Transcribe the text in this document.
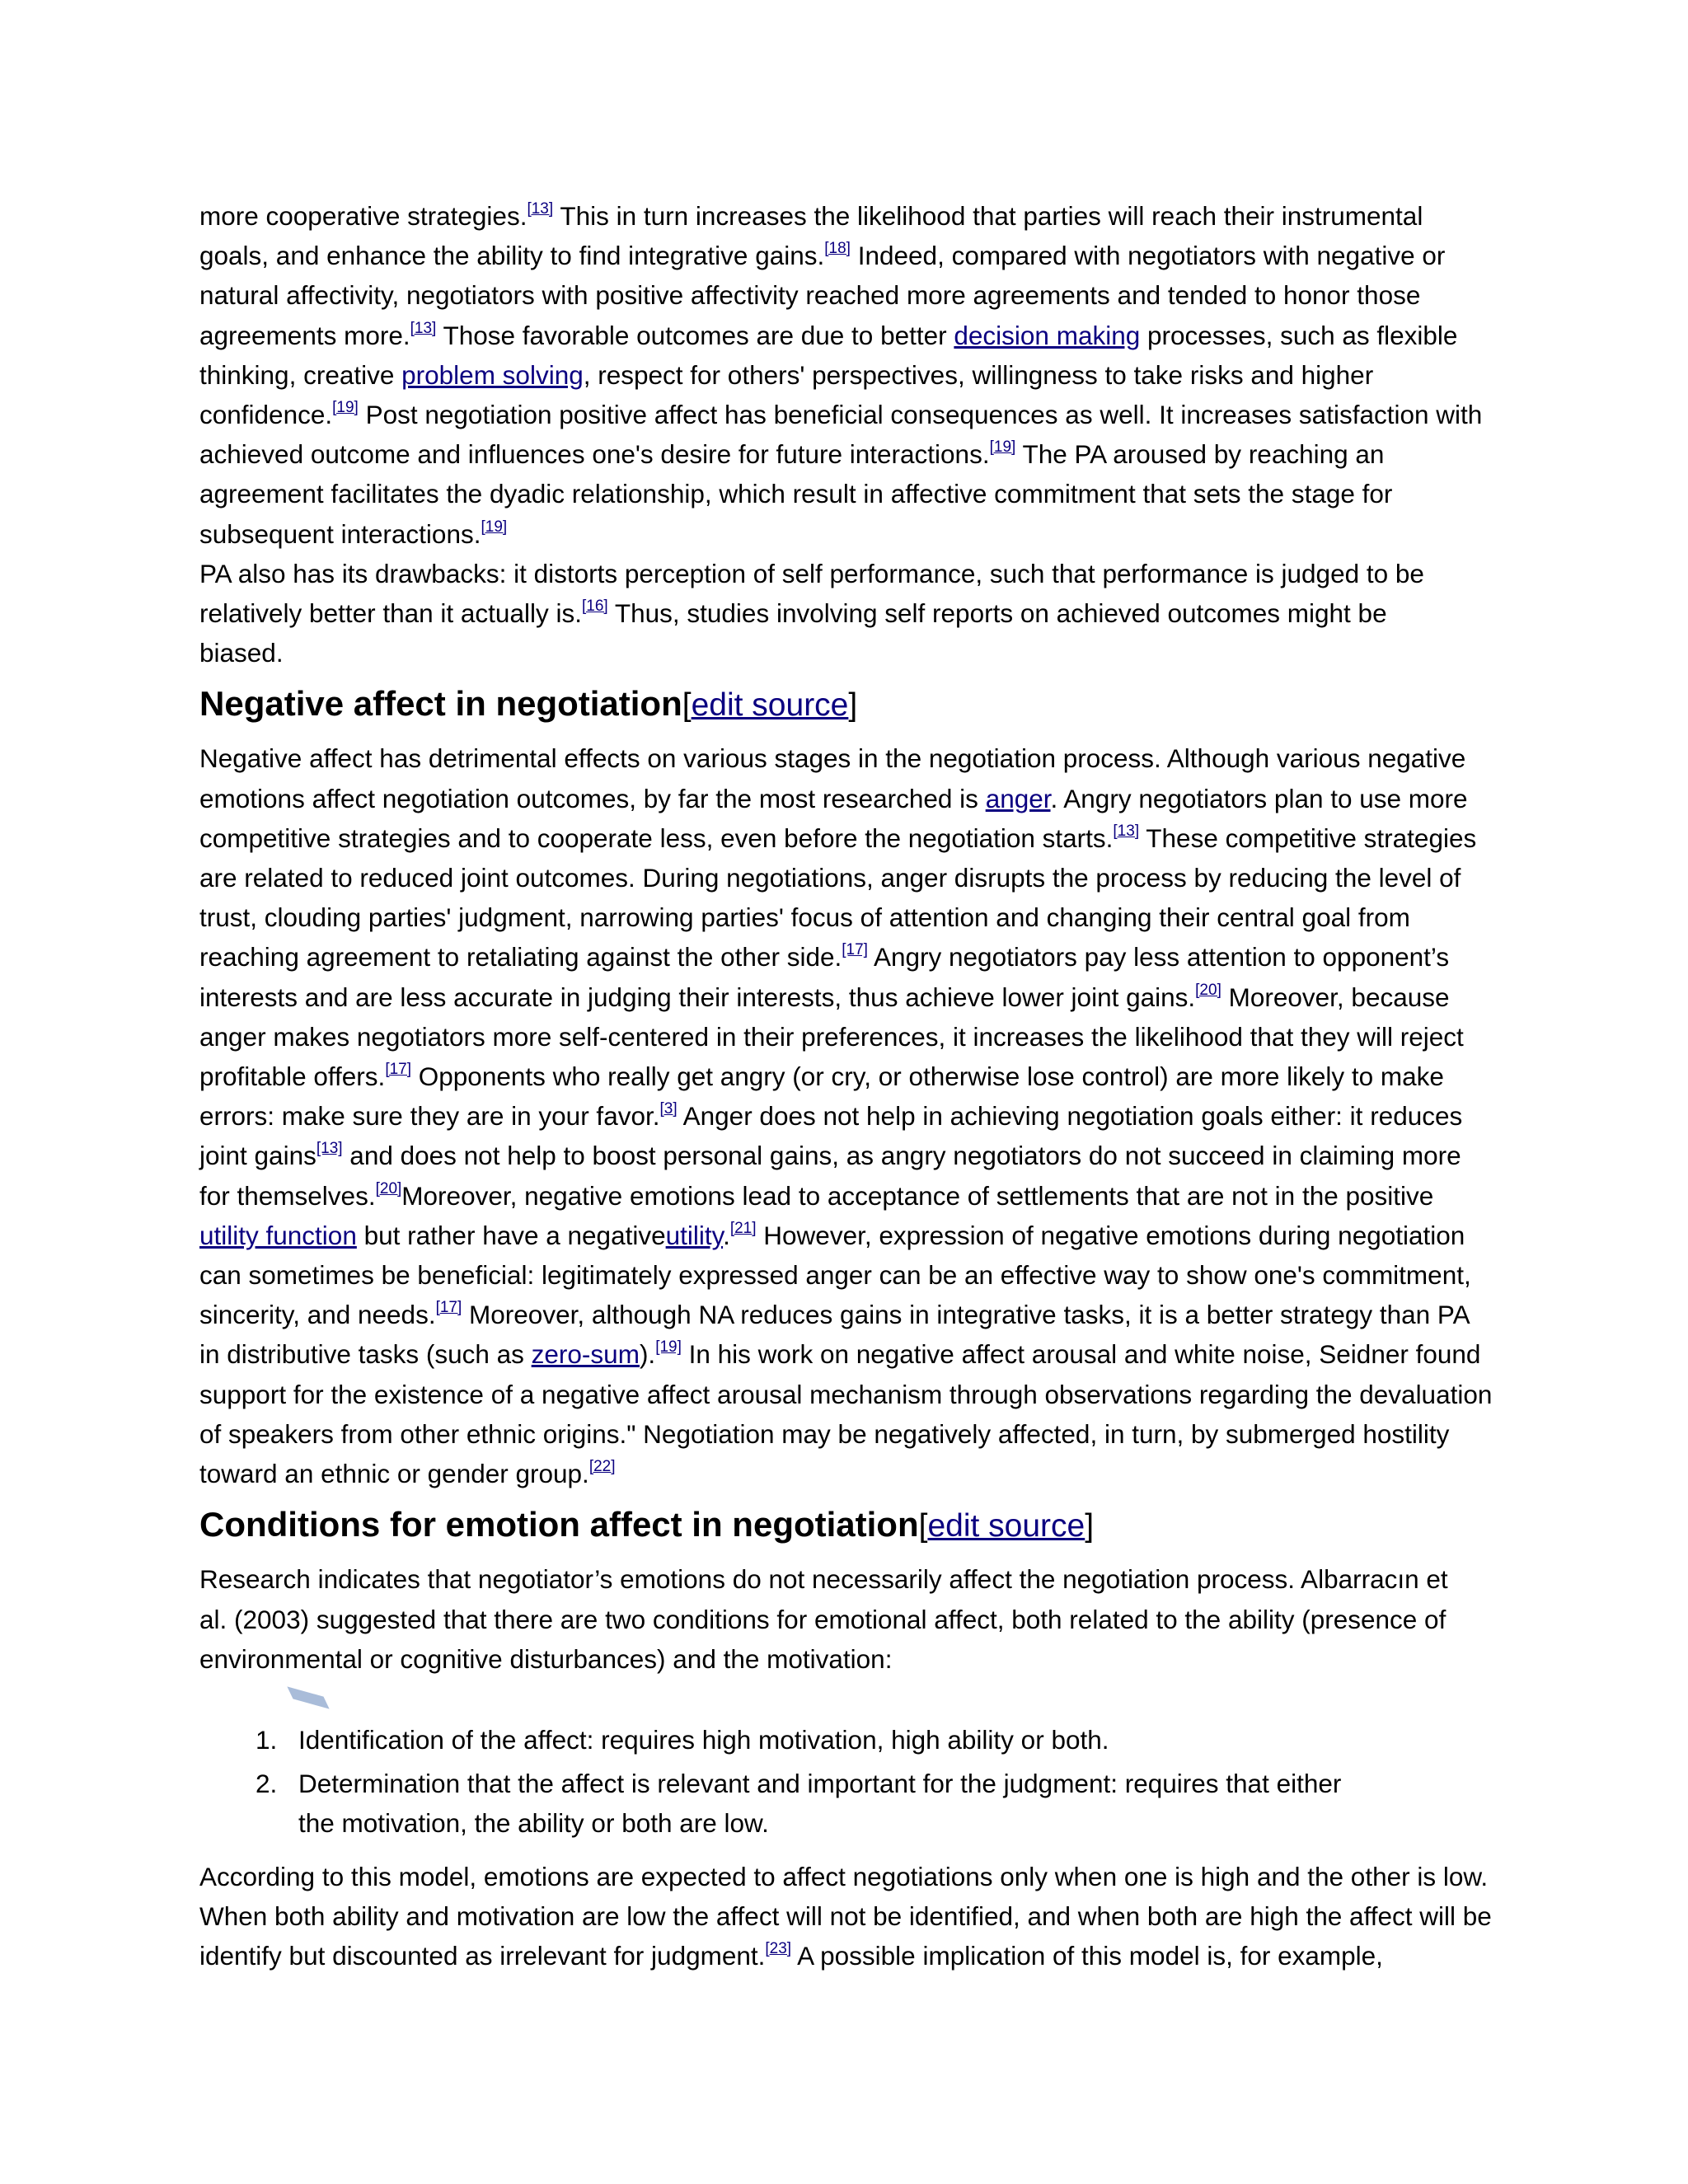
more cooperative strategies.[13] This in turn increases the likelihood that parties will reach their instrumental goals, and enhance the ability to find integrative gains.[18] Indeed, compared with negotiators with negative or natural affectivity, negotiators with positive affectivity reached more agreements and tended to honor those agreements more.[13] Those favorable outcomes are due to better decision making processes, such as flexible thinking, creative problem solving, respect for others' perspectives, willingness to take risks and higher confidence.[19] Post negotiation positive affect has beneficial consequences as well. It increases satisfaction with achieved outcome and influences one's desire for future interactions.[19] The PA aroused by reaching an agreement facilitates the dyadic relationship, which result in affective commitment that sets the stage for subsequent interactions.[19]

PA also has its drawbacks: it distorts perception of self performance, such that performance is judged to be relatively better than it actually is.[16] Thus, studies involving self reports on achieved outcomes might be biased.

Negative affect in negotiation[edit source]

Negative affect has detrimental effects on various stages in the negotiation process. Although various negative emotions affect negotiation outcomes, by far the most researched is anger. Angry negotiators plan to use more competitive strategies and to cooperate less, even before the negotiation starts.[13] These competitive strategies are related to reduced joint outcomes. During negotiations, anger disrupts the process by reducing the level of trust, clouding parties' judgment, narrowing parties' focus of attention and changing their central goal from reaching agreement to retaliating against the other side.[17] Angry negotiators pay less attention to opponent’s interests and are less accurate in judging their interests, thus achieve lower joint gains.[20] Moreover, because anger makes negotiators more self-centered in their preferences, it increases the likelihood that they will reject profitable offers.[17] Opponents who really get angry (or cry, or otherwise lose control) are more likely to make errors: make sure they are in your favor.[3] Anger does not help in achieving negotiation goals either: it reduces joint gains[13] and does not help to boost personal gains, as angry negotiators do not succeed in claiming more for themselves.[20]Moreover, negative emotions lead to acceptance of settlements that are not in the positive utility function but rather have a negativeutility.[21] However, expression of negative emotions during negotiation can sometimes be beneficial: legitimately expressed anger can be an effective way to show one's commitment, sincerity, and needs.[17] Moreover, although NA reduces gains in integrative tasks, it is a better strategy than PA in distributive tasks (such as zero-sum).[19] In his work on negative affect arousal and white noise, Seidner found support for the existence of a negative affect arousal mechanism through observations regarding the devaluation of speakers from other ethnic origins." Negotiation may be negatively affected, in turn, by submerged hostility toward an ethnic or gender group.[22]

Conditions for emotion affect in negotiation[edit source]

Research indicates that negotiator’s emotions do not necessarily affect the negotiation process. Albarracın et al. (2003) suggested that there are two conditions for emotional affect, both related to the ability (presence of environmental or cognitive disturbances) and the motivation:

1. Identification of the affect: requires high motivation, high ability or both.
2. Determination that the affect is relevant and important for the judgment: requires that either the motivation, the ability or both are low.

According to this model, emotions are expected to affect negotiations only when one is high and the other is low. When both ability and motivation are low the affect will not be identified, and when both are high the affect will be identify but discounted as irrelevant for judgment.[23] A possible implication of this model is, for example,
